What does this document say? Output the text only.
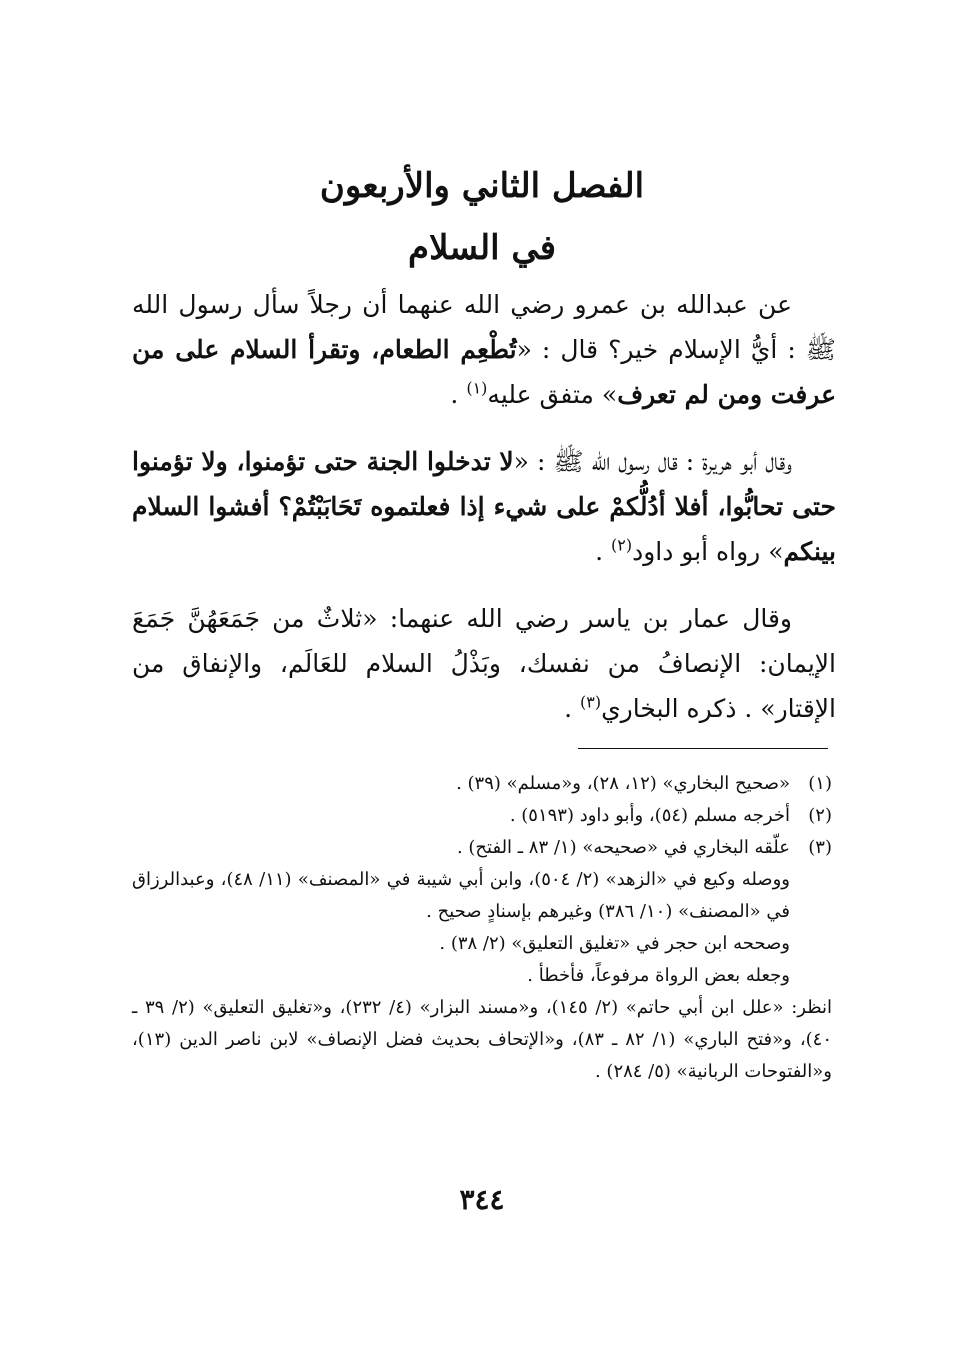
الفصل الثاني والأربعون
في السلام

عن عبدالله بن عمرو رضي الله عنهما أن رجلاً سأل رسول الله ﷺ : أيُّ الإسلام خير؟ قال : «تُطْعِم الطعام، وتقرأ السلام على من عرفت ومن لم تعرف» متفق عليه$^{(١)}$ .

وقال أبو هريرة : قال رسول الله ﷺ : «لا تدخلوا الجنة حتى تؤمنوا، ولا تؤمنوا حتى تحابُّوا، أفلا أدُلُّكمْ على شيء إذا فعلتموه تَحَابَبْتُمْ؟ أفشوا السلام بينكم» رواه أبو داود$^{(٢)}$ .

وقال عمار بن ياسر رضي الله عنهما: «ثلاثٌ من جَمَعَهُنَّ جَمَعَ الإيمان: الإنصافُ من نفسك، وبَذْلُ السلام للعَالَم، والإنفاق من الإقتار» . ذكره البخاري$^{(٣)}$ .

(١)
«صحيح البخاري» (١٢، ٢٨)، و«مسلم» (٣٩) .
(٢)
أخرجه مسلم (٥٤)، وأبو داود (٥١٩٣) .
(٣)
علّقه البخاري في «صحيحه» (١/ ٨٣ ـ الفتح) .

ووصله وكيع في «الزهد» (٢/ ٥٠٤)، وابن أبي شيبة في «المصنف» (١١/ ٤٨)، وعبدالرزاق في «المصنف» (١٠/ ٣٨٦) وغيرهم بإسنادٍ صحيح .

وصححه ابن حجر في «تغليق التعليق» (٢/ ٣٨) .

وجعله بعض الرواة مرفوعاً، فأخطأ .

انظر: «علل ابن أبي حاتم» (٢/ ١٤٥)، و«مسند البزار» (٤/ ٢٣٢)، و«تغليق التعليق» (٢/ ٣٩ ـ ٤٠)، و«فتح الباري» (١/ ٨٢ ـ ٨٣)، و«الإتحاف بحديث فضل الإنصاف» لابن ناصر الدين (١٣)، و«الفتوحات الربانية» (٥/ ٢٨٤) .

٣٤٤
